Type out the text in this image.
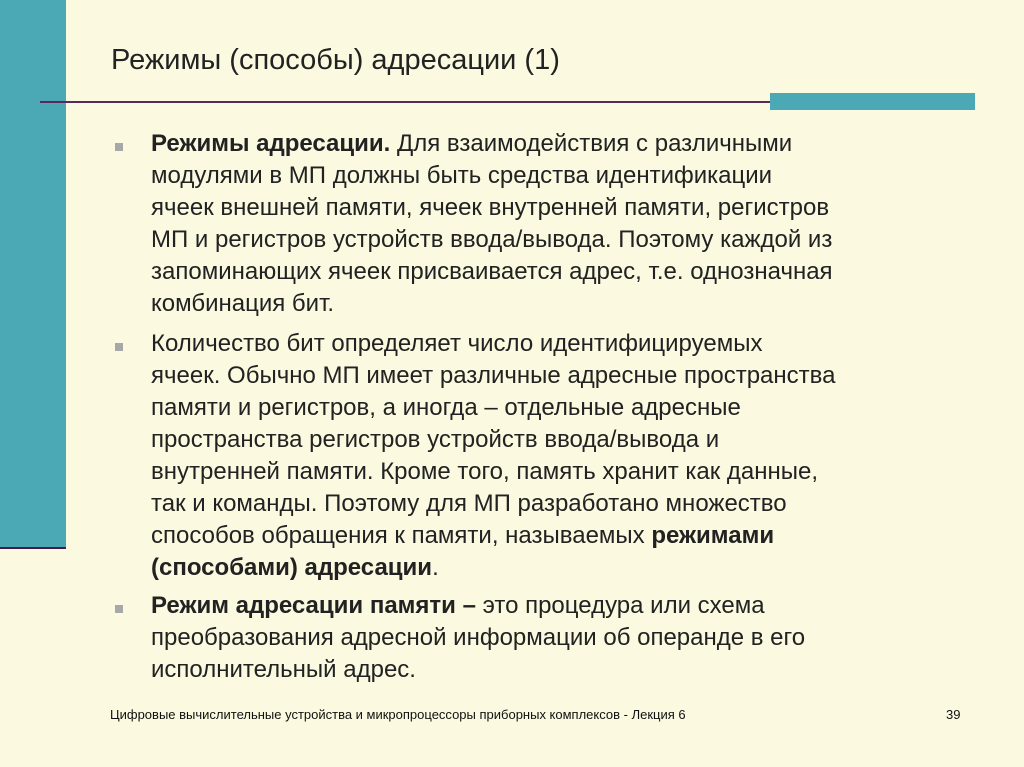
Режимы (способы) адресации (1)
Режимы адресации. Для взаимодействия с различными
модулями в МП должны быть средства идентификации
ячеек внешней памяти, ячеек внутренней памяти, регистров
МП и регистров устройств ввода/вывода. Поэтому каждой из
запоминающих ячеек присваивается адрес, т.е. однозначная
комбинация бит.
Количество бит определяет число идентифицируемых
ячеек. Обычно МП имеет различные адресные пространства
памяти и регистров, а иногда – отдельные адресные
пространства регистров устройств ввода/вывода и
внутренней памяти. Кроме того, память хранит как данные,
так и команды. Поэтому для МП разработано множество
способов обращения к памяти, называемых режимами
(способами) адресации.
Режим адресации памяти – это процедура или схема
преобразования адресной информации об операнде в его
исполнительный адрес.
Цифровые вычислительные устройства и микропроцессоры приборных комплексов - Лекция 6	39
